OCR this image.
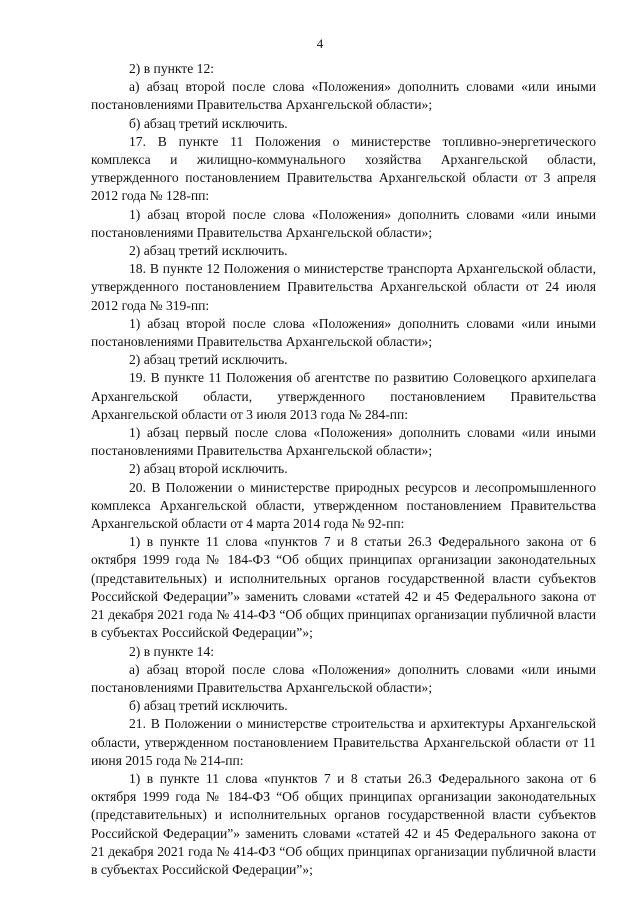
4

2) в пункте 12:

а) абзац второй после слова «Положения» дополнить словами «или иными постановлениями Правительства Архангельской области»;

б) абзац третий исключить.

17. В пункте 11 Положения о министерстве топливно-энергетического комплекса и жилищно-коммунального хозяйства Архангельской области, утвержденного постановлением Правительства Архангельской области от 3 апреля 2012 года № 128-пп:

1) абзац второй после слова «Положения» дополнить словами «или иными постановлениями Правительства Архангельской области»;

2) абзац третий исключить.

18. В пункте 12 Положения о министерстве транспорта Архангельской области, утвержденного постановлением Правительства Архангельской области от 24 июля 2012 года № 319-пп:

1) абзац второй после слова «Положения» дополнить словами «или иными постановлениями Правительства Архангельской области»;

2) абзац третий исключить.

19. В пункте 11 Положения об агентстве по развитию Соловецкого архипелага Архангельской области, утвержденного постановлением Правительства Архангельской области от 3 июля 2013 года № 284-пп:

1) абзац первый после слова «Положения» дополнить словами «или иными постановлениями Правительства Архангельской области»;

2) абзац второй исключить.

20. В Положении о министерстве природных ресурсов и лесопромышленного комплекса Архангельской области, утвержденном постановлением Правительства Архангельской области от 4 марта 2014 года № 92-пп:

1) в пункте 11 слова «пунктов 7 и 8 статьи 26.3 Федерального закона от 6 октября 1999 года № 184-ФЗ “Об общих принципах организации законодательных (представительных) и исполнительных органов государственной власти субъектов Российской Федерации”» заменить словами «статей 42 и 45 Федерального закона от 21 декабря 2021 года № 414-ФЗ “Об общих принципах организации публичной власти в субъектах Российской Федерации”»;

2) в пункте 14:

а) абзац второй после слова «Положения» дополнить словами «или иными постановлениями Правительства Архангельской области»;

б) абзац третий исключить.

21. В Положении о министерстве строительства и архитектуры Архангельской области, утвержденном постановлением Правительства Архангельской области от 11 июня 2015 года № 214-пп:

1) в пункте 11 слова «пунктов 7 и 8 статьи 26.3 Федерального закона от 6 октября 1999 года № 184-ФЗ “Об общих принципах организации законодательных (представительных) и исполнительных органов государственной власти субъектов Российской Федерации”» заменить словами «статей 42 и 45 Федерального закона от 21 декабря 2021 года № 414-ФЗ “Об общих принципах организации публичной власти в субъектах Российской Федерации”»;
